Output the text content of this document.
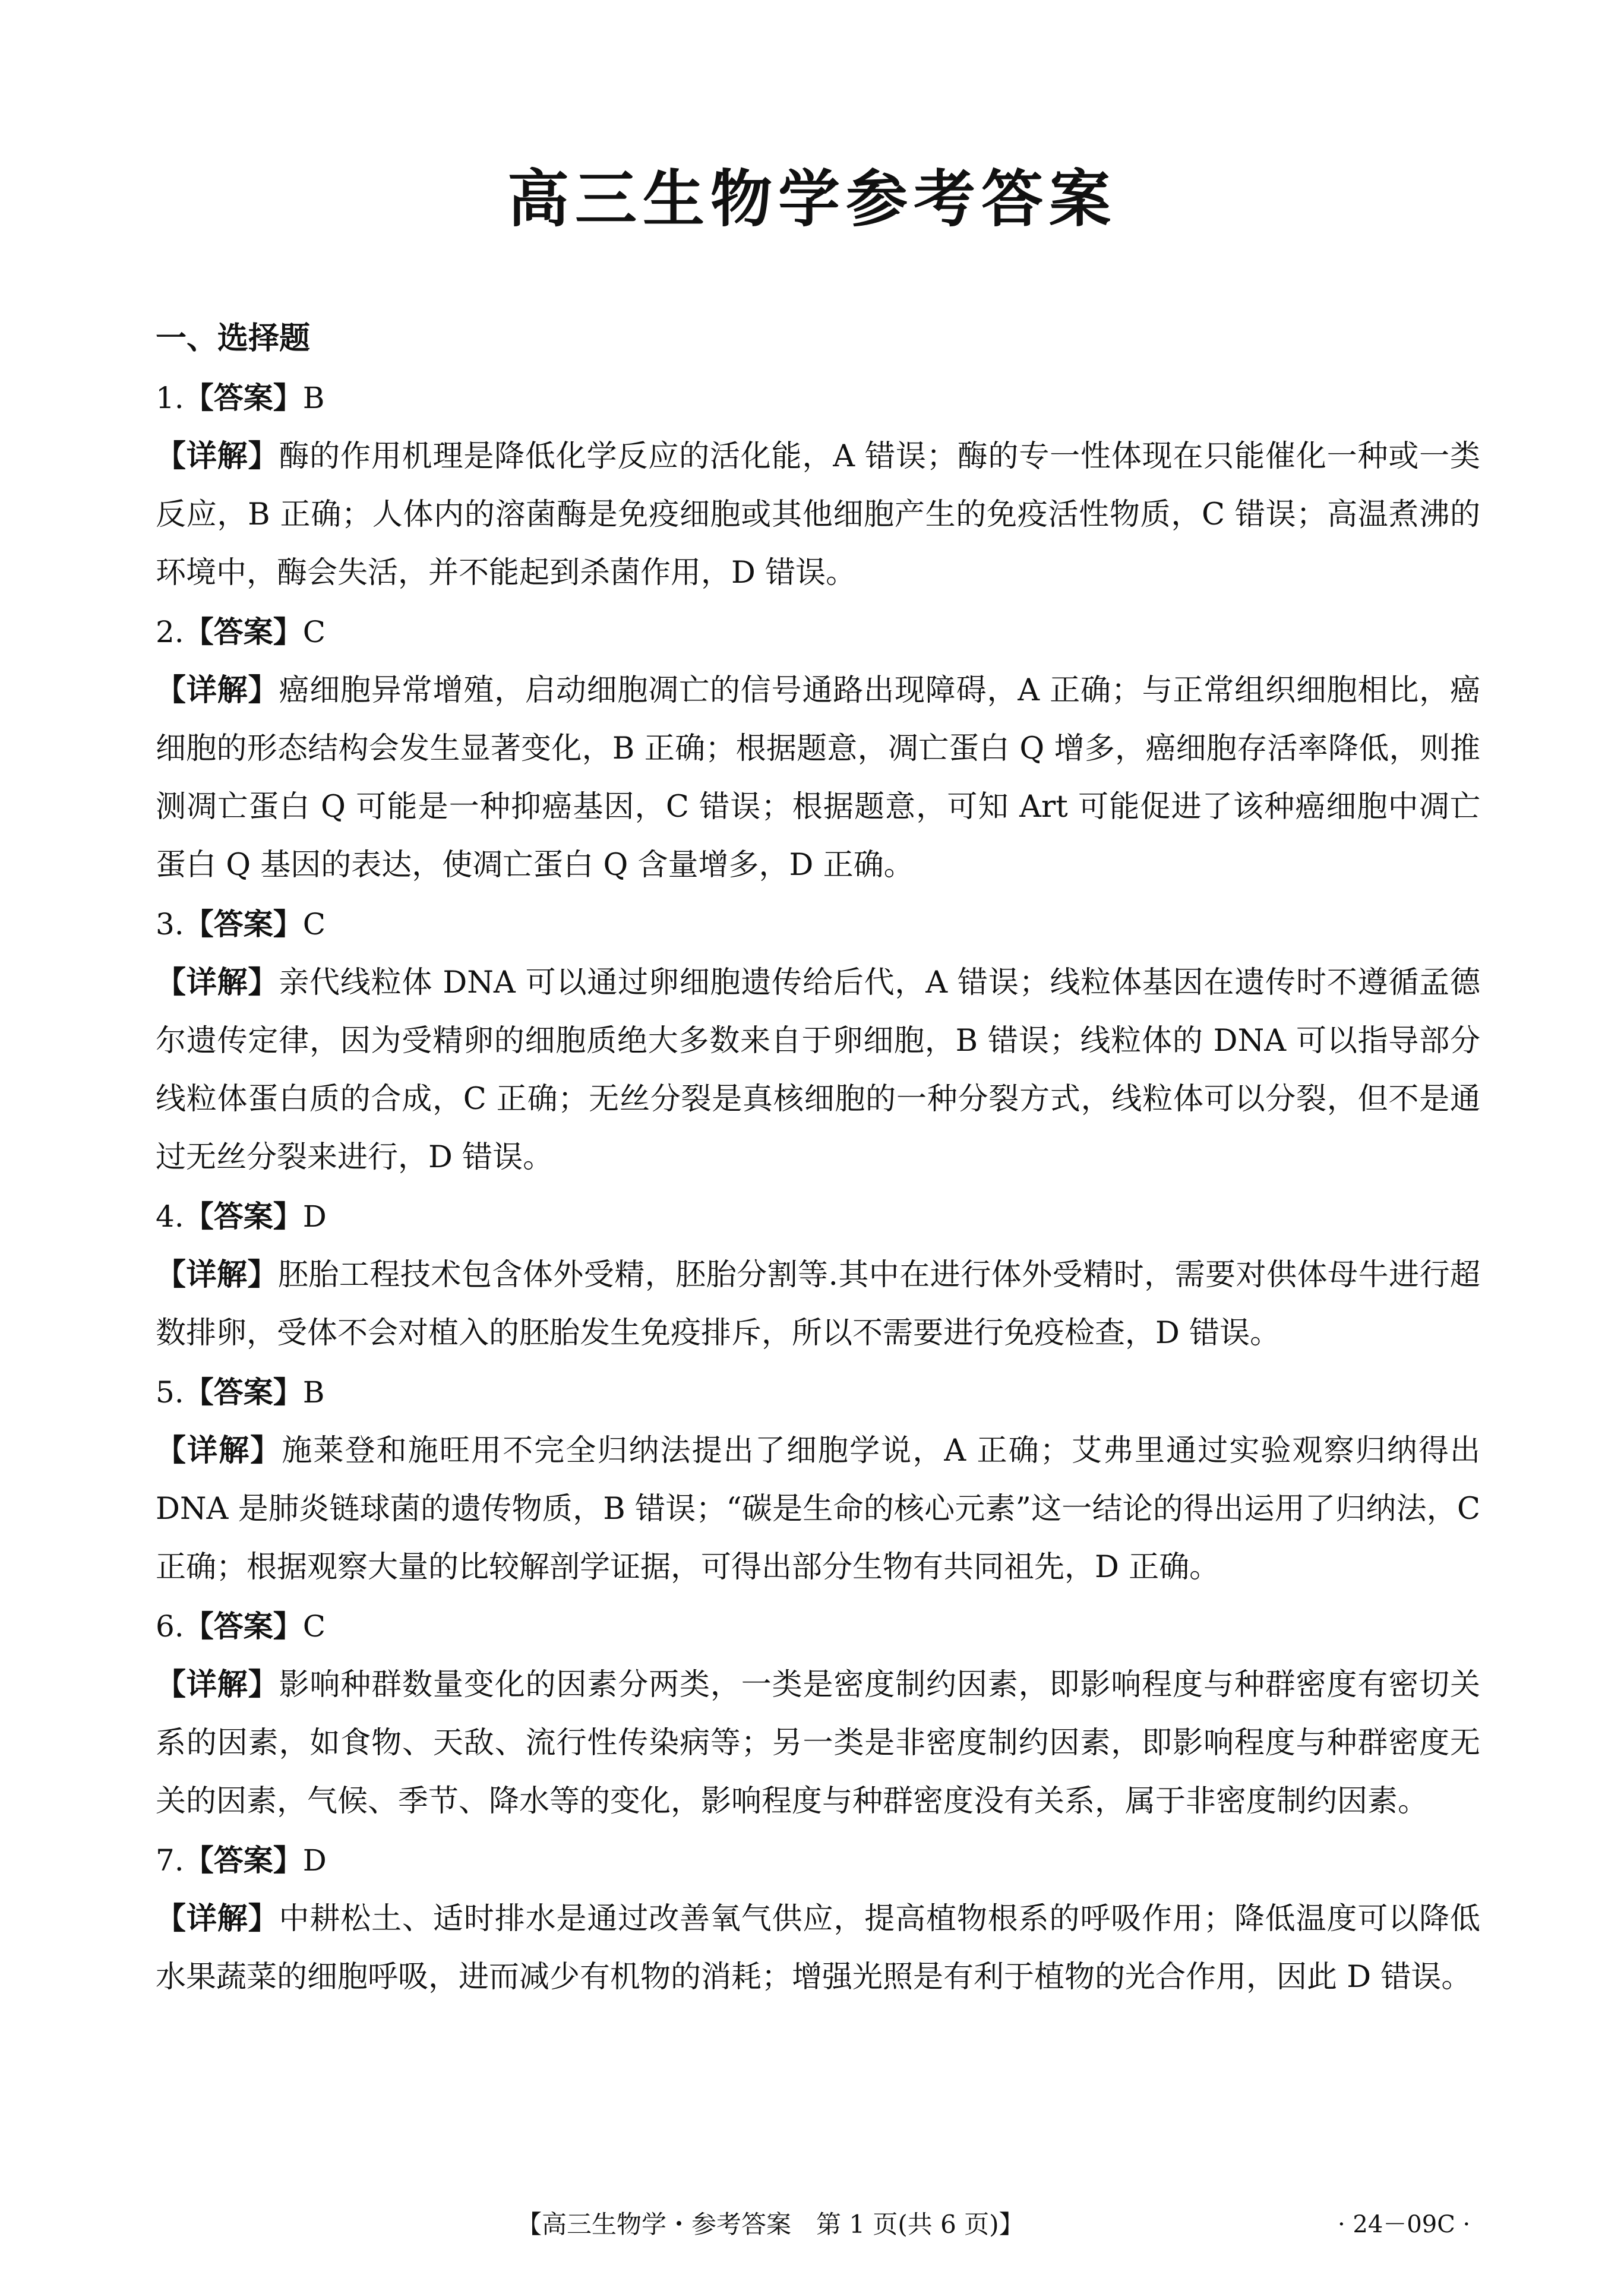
高三生物学参考答案
一、选择题
1.【答案】B

【详解】酶的作用机理是降低化学反应的活化能，A 错误；酶的专一性体现在只能催化一种或一类反应，B 正确；人体内的溶菌酶是免疫细胞或其他细胞产生的免疫活性物质，C 错误；高温煮沸的环境中，酶会失活，并不能起到杀菌作用，D 错误。

2.【答案】C

【详解】癌细胞异常增殖，启动细胞凋亡的信号通路出现障碍，A 正确；与正常组织细胞相比，癌细胞的形态结构会发生显著变化，B 正确；根据题意，凋亡蛋白 Q 增多，癌细胞存活率降低，则推测凋亡蛋白 Q 可能是一种抑癌基因，C 错误；根据题意，可知 Art 可能促进了该种癌细胞中凋亡蛋白 Q 基因的表达，使凋亡蛋白 Q 含量增多，D 正确。

3.【答案】C

【详解】亲代线粒体 DNA 可以通过卵细胞遗传给后代，A 错误；线粒体基因在遗传时不遵循孟德尔遗传定律，因为受精卵的细胞质绝大多数来自于卵细胞，B 错误；线粒体的 DNA 可以指导部分线粒体蛋白质的合成，C 正确；无丝分裂是真核细胞的一种分裂方式，线粒体可以分裂，但不是通过无丝分裂来进行，D 错误。

4.【答案】D

【详解】胚胎工程技术包含体外受精，胚胎分割等.其中在进行体外受精时，需要对供体母牛进行超数排卵，受体不会对植入的胚胎发生免疫排斥，所以不需要进行免疫检查，D 错误。

5.【答案】B

【详解】施莱登和施旺用不完全归纳法提出了细胞学说，A 正确；艾弗里通过实验观察归纳得出 DNA 是肺炎链球菌的遗传物质，B 错误；“碳是生命的核心元素”这一结论的得出运用了归纳法，C 正确；根据观察大量的比较解剖学证据，可得出部分生物有共同祖先，D 正确。

6.【答案】C

【详解】影响种群数量变化的因素分两类，一类是密度制约因素，即影响程度与种群密度有密切关系的因素，如食物、天敌、流行性传染病等；另一类是非密度制约因素，即影响程度与种群密度无关的因素，气候、季节、降水等的变化，影响程度与种群密度没有关系，属于非密度制约因素。

7.【答案】D

【详解】中耕松土、适时排水是通过改善氧气供应，提高植物根系的呼吸作用；降低温度可以降低水果蔬菜的细胞呼吸，进而减少有机物的消耗；增强光照是有利于植物的光合作用，因此 D 错误。

【高三生物学・参考答案　第 1 页(共 6 页)】	· 24－09C ·
